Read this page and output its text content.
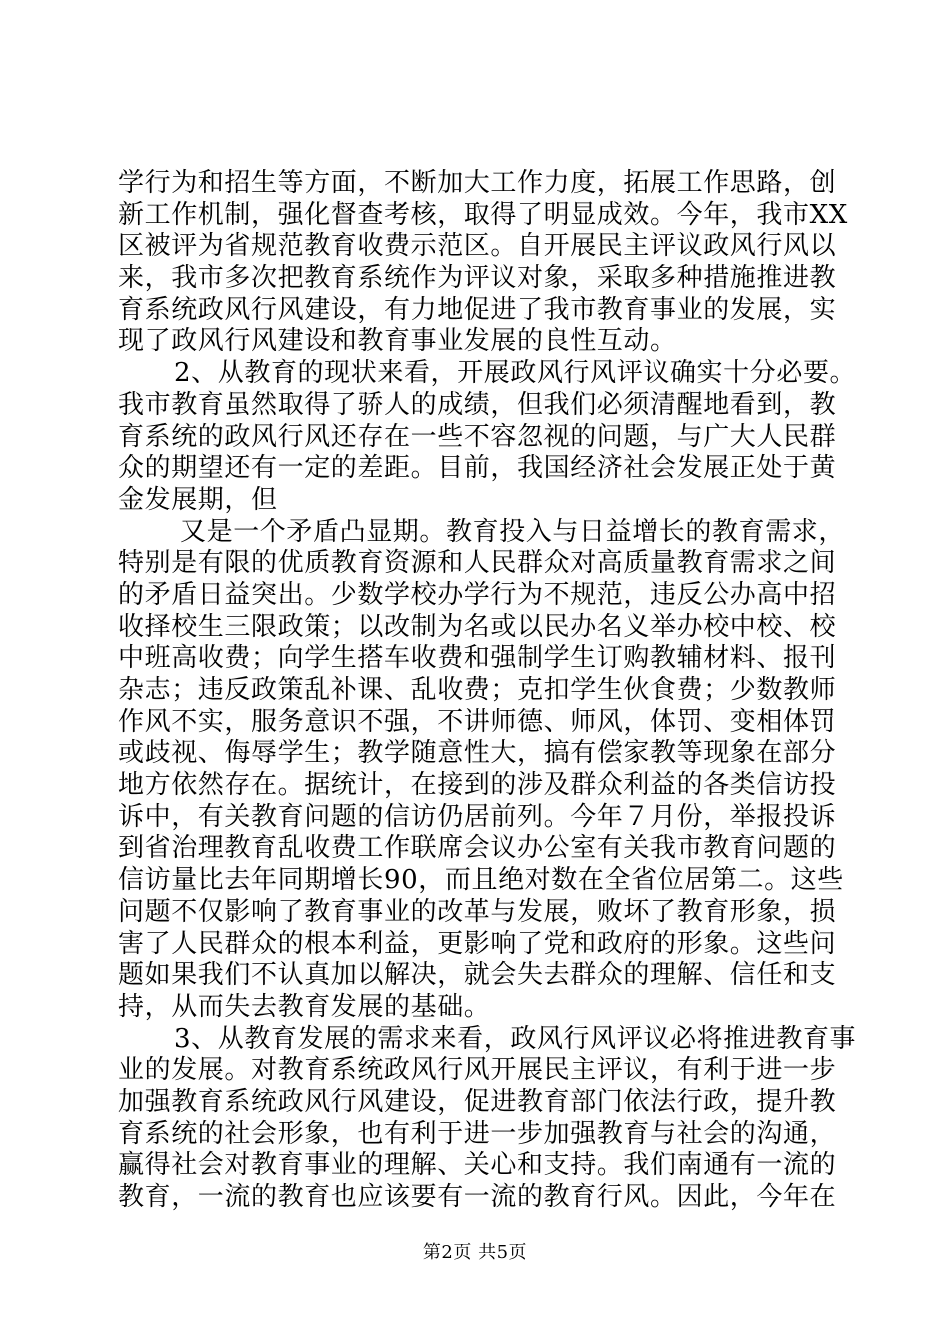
学行为和招生等方面，不断加大工作力度，拓展工作思路，创
新工作机制，强化督查考核，取得了明显成效。今年，我市XX
区被评为省规范教育收费示范区。自开展民主评议政风行风以
来，我市多次把教育系统作为评议对象，采取多种措施推进教
育系统政风行风建设，有力地促进了我市教育事业的发展，实
现了政风行风建设和教育事业发展的良性互动。
2、从教育的现状来看，开展政风行风评议确实十分必要。
我市教育虽然取得了骄人的成绩，但我们必须清醒地看到，教
育系统的政风行风还存在一些不容忽视的问题，与广大人民群
众的期望还有一定的差距。目前，我国经济社会发展正处于黄
金发展期，但
又是一个矛盾凸显期。教育投入与日益增长的教育需求，
特别是有限的优质教育资源和人民群众对高质量教育需求之间
的矛盾日益突出。少数学校办学行为不规范，违反公办高中招
收择校生三限政策；以改制为名或以民办名义举办校中校、校
中班高收费；向学生搭车收费和强制学生订购教辅材料、报刊
杂志；违反政策乱补课、乱收费；克扣学生伙食费；少数教师
作风不实，服务意识不强，不讲师德、师风，体罚、变相体罚
或歧视、侮辱学生；教学随意性大，搞有偿家教等现象在部分
地方依然存在。据统计，在接到的涉及群众利益的各类信访投
诉中，有关教育问题的信访仍居前列。今年７月份，举报投诉
到省治理教育乱收费工作联席会议办公室有关我市教育问题的
信访量比去年同期增长90，而且绝对数在全省位居第二。这些
问题不仅影响了教育事业的改革与发展，败坏了教育形象，损
害了人民群众的根本利益，更影响了党和政府的形象。这些问
题如果我们不认真加以解决，就会失去群众的理解、信任和支
持，从而失去教育发展的基础。
3、从教育发展的需求来看，政风行风评议必将推进教育事
业的发展。对教育系统政风行风开展民主评议，有利于进一步
加强教育系统政风行风建设，促进教育部门依法行政，提升教
育系统的社会形象，也有利于进一步加强教育与社会的沟通，
赢得社会对教育事业的理解、关心和支持。我们南通有一流的
教育，一流的教育也应该要有一流的教育行风。因此，今年在
第2页 共5页
